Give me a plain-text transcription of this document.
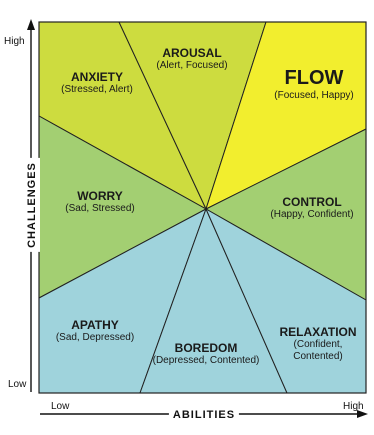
CHALLENGES
ABILITIES
High
Low
Low	High
ANXIETY
(Stressed, Alert)
AROUSAL
(Alert, Focused)
FLOW
(Focused, Happy)
WORRY
(Sad, Stressed)	CONTROL
(Happy, Confident)
APATHY
(Sad, Depressed)
BOREDOM
(Depressed, Contented)
RELAXATION
(Confident,
Contented)
